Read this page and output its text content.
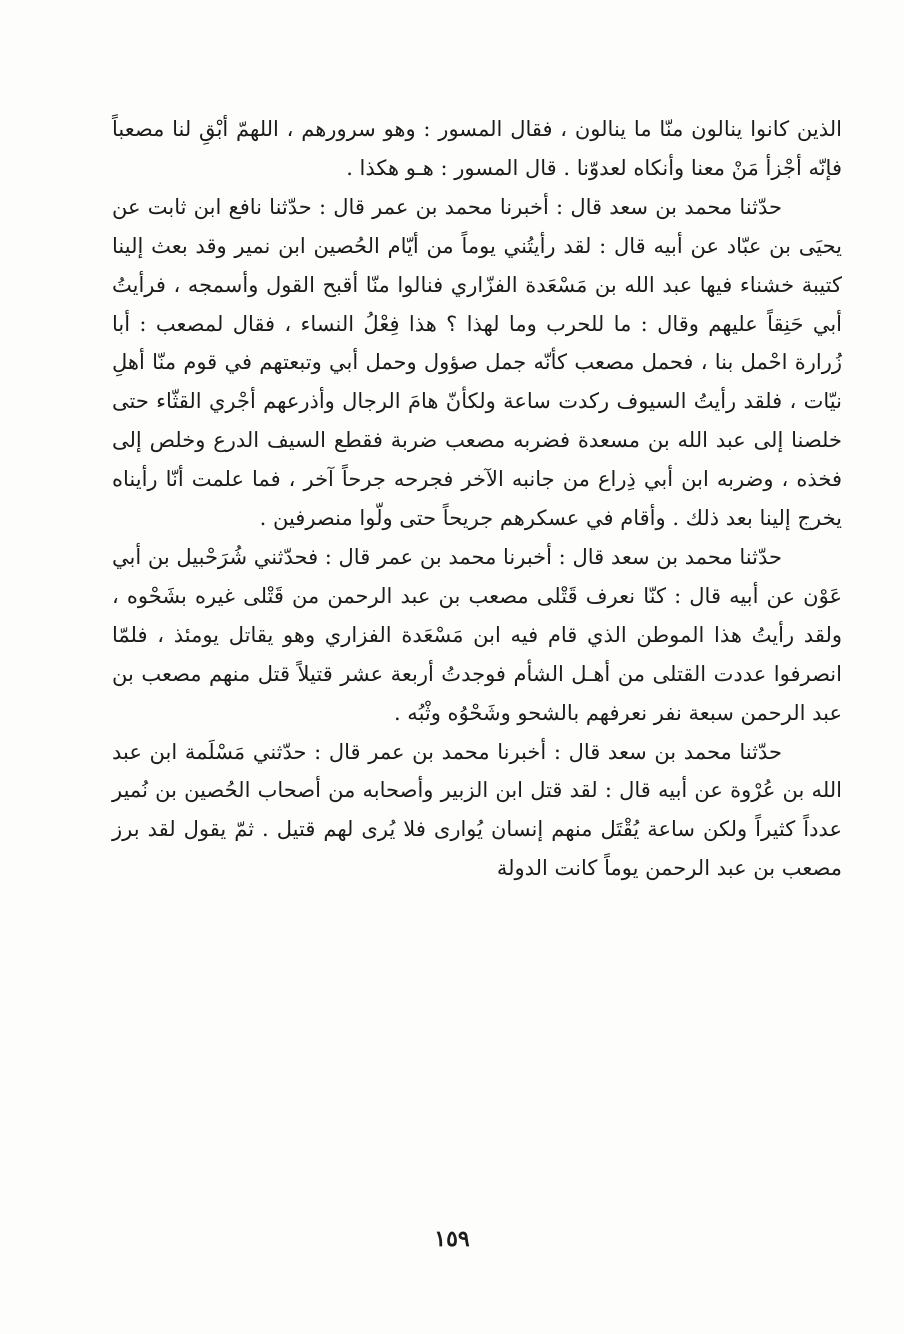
الذين كانوا ينالون منّا ما ينالون ، فقال المسور : وهو سرورهم ، اللهمّ أبْقِ لنا مصعباً فإنّه أجْزأ مَنْ معنا وأنكاه لعدوّنا . قال المسور : هـو هكذا .

حدّثنا محمد بن سعد قال : أخبرنا محمد بن عمر قال : حدّثنا نافع ابن ثابت عن يحيَى بن عبّاد عن أبيه قال : لقد رأيتُني يوماً من أيّام الحُصين ابن نمير وقد بعث إلينا كتيبة خشناء فيها عبد الله بن مَسْعَدة الفزّاري فنالوا منّا أقبح القول وأسمجه ، فرأيتُ أبي حَنِقاً عليهم وقال : ما للحرب وما لهذا ؟ هذا فِعْلُ النساء ، فقال لمصعب : أبا زُرارة احْمل بنا ، فحمل مصعب كأنّه جمل صؤول وحمل أبي وتبعتهم في قوم منّا أهلِ نيّات ، فلقد رأيتُ السيوف ركدت ساعة ولكأنّ هامَ الرجال وأذرعهم أجْري القثّاء حتى خلصنا إلى عبد الله بن مسعدة فضربه مصعب ضربة فقطع السيف الدرع وخلص إلى فخذه ، وضربه ابن أبي ذِراع من جانبه الآخر فجرحه جرحاً آخر ، فما علمت أنّا رأيناه يخرج إلينا بعد ذلك . وأقام في عسكرهم جريحاً حتى ولّوا منصرفين .

حدّثنا محمد بن سعد قال : أخبرنا محمد بن عمر قال : فحدّثني شُرَحْبيل بن أبي عَوْن عن أبيه قال : كنّا نعرف قَتْلى مصعب بن عبد الرحمن من قَتْلى غيره بشَحْوه ، ولقد رأيتُ هذا الموطن الذي قام فيه ابن مَسْعَدة الفزاري وهو يقاتل يومئذ ، فلمّا انصرفوا عددت القتلى من أهـل الشأم فوجدتُ أربعة عشر قتيلاً قتل منهم مصعب بن عبد الرحمن سبعة نفر نعرفهم بالشحو وشَحْوُه وثْبُه .

حدّثنا محمد بن سعد قال : أخبرنا محمد بن عمر قال : حدّثني مَسْلَمة ابن عبد الله بن عُرْوة عن أبيه قال : لقد قتل ابن الزبير وأصحابه من أصحاب الحُصين بن نُمير عدداً كثيراً ولكن ساعة يُقْتَل منهم إنسان يُوارى فلا يُرى لهم قتيل . ثمّ يقول لقد برز مصعب بن عبد الرحمن يوماً كانت الدولة

١٥٩
